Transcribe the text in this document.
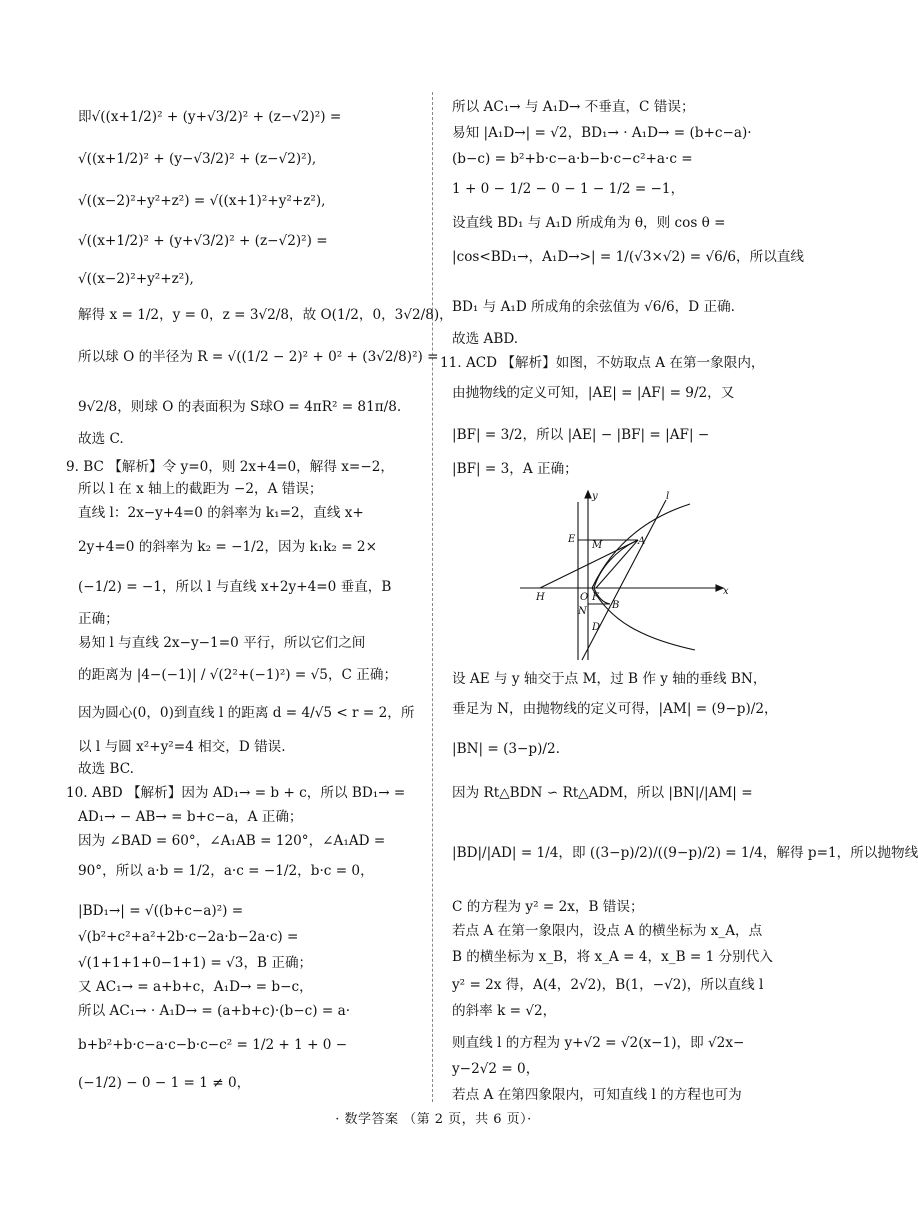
即√((x+1/2)² + (y+√3/2)² + (z−√2)²) =
√((x+1/2)² + (y−√3/2)² + (z−√2)²),
√((x−2)²+y²+z²) = √((x+1)²+y²+z²),
√((x+1/2)² + (y+√3/2)² + (z−√2)²) =
√((x−2)²+y²+z²),
解得 x = 1/2，y = 0，z = 3√2/8，故 O(1/2，0，3√2/8)，
所以球 O 的半径为 R = √((1/2 − 2)² + 0² + (3√2/8)²) =
9√2/8，则球 O 的表面积为 S球O = 4πR² = 81π/8.
故选 C.
9. BC 【解析】令 y=0，则 2x+4=0，解得 x=−2，
所以 l 在 x 轴上的截距为 −2，A 错误；
直线 l：2x−y+4=0 的斜率为 k₁=2，直线 x+
2y+4=0 的斜率为 k₂ = −1/2，因为 k₁k₂ = 2×
(−1/2) = −1，所以 l 与直线 x+2y+4=0 垂直，B
正确；
易知 l 与直线 2x−y−1=0 平行，所以它们之间
的距离为 |4−(−1)| / √(2²+(−1)²) = √5，C 正确；
因为圆心(0，0)到直线 l 的距离 d = 4/√5 < r = 2，所
以 l 与圆 x²+y²=4 相交，D 错误.
故选 BC.
10. ABD 【解析】因为 AD₁→ = b + c，所以 BD₁→ =
AD₁→ − AB→ = b+c−a，A 正确；
因为 ∠BAD = 60°，∠A₁AB = 120°，∠A₁AD =
90°，所以 a·b = 1/2，a·c = −1/2，b·c = 0，
|BD₁→| = √((b+c−a)²) =
√(b²+c²+a²+2b·c−2a·b−2a·c) =
√(1+1+1+0−1+1) = √3，B 正确；
又 AC₁→ = a+b+c，A₁D→ = b−c，
所以 AC₁→ · A₁D→ = (a+b+c)·(b−c) = a·
b+b²+b·c−a·c−b·c−c² = 1/2 + 1 + 0 −
(−1/2) − 0 − 1 = 1 ≠ 0，
所以 AC₁→ 与 A₁D→ 不垂直，C 错误；
易知 |A₁D→| = √2，BD₁→ · A₁D→ = (b+c−a)·
(b−c) = b²+b·c−a·b−b·c−c²+a·c =
1 + 0 − 1/2 − 0 − 1 − 1/2 = −1，
设直线 BD₁ 与 A₁D 所成角为 θ，则 cos θ =
|cos<BD₁→，A₁D→>| = 1/(√3×√2) = √6/6，所以直线
BD₁ 与 A₁D 所成角的余弦值为 √6/6，D 正确.
故选 ABD.
11. ACD 【解析】如图，不妨取点 A 在第一象限内，
由抛物线的定义可知，|AE| = |AF| = 9/2，又
|BF| = 3/2，所以 |AE| − |BF| = |AF| −
|BF| = 3，A 正确；
y	l
E
M	A
x
H	O F
N
B
D
设 AE 与 y 轴交于点 M，过 B 作 y 轴的垂线 BN，
垂足为 N，由抛物线的定义可得，|AM| = (9−p)/2，
|BN| = (3−p)/2.
因为 Rt△BDN ∽ Rt△ADM，所以 |BN|/|AM| =
|BD|/|AD| = 1/4，即 ((3−p)/2)/((9−p)/2) = 1/4，解得 p=1，所以抛物线
C 的方程为 y² = 2x，B 错误；
若点 A 在第一象限内，设点 A 的横坐标为 x_A，点
B 的横坐标为 x_B，将 x_A = 4，x_B = 1 分别代入
y² = 2x 得，A(4，2√2)，B(1，−√2)，所以直线 l
的斜率 k = √2，
则直线 l 的方程为 y+√2 = √2(x−1)，即 √2x−
y−2√2 = 0，
若点 A 在第四象限内，可知直线 l 的方程也可为
· 数学答案 （第 2 页，共 6 页）·
